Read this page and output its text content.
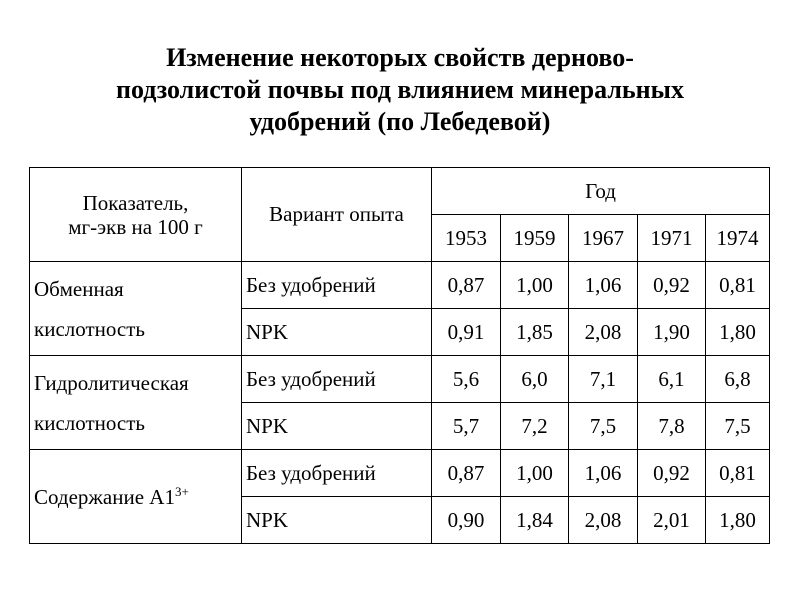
Изменение некоторых свойств дерново-
подзолистой почвы под влиянием минеральных
удобрений (по Лебедевой)
Показатель,
мг-экв на 100 г	Вариант опыта	Год				
		1953	1959	1967	1971	1974

Обменная
кислотность	Без удобрений	0,87	1,00	1,06	0,92	0,81
	NPK	0,91	1,85	2,08	1,90	1,80

Гидролитическая
кислотность	Без удобрений	5,6	6,0	7,1	6,1	6,8
	NPK	5,7	7,2	7,5	7,8	7,5
Содержание $А1^{3+}$	Без удобрений	0,87	1,00	1,06	0,92	0,81
	NPK	0,90	1,84	2,08	2,01	1,80
